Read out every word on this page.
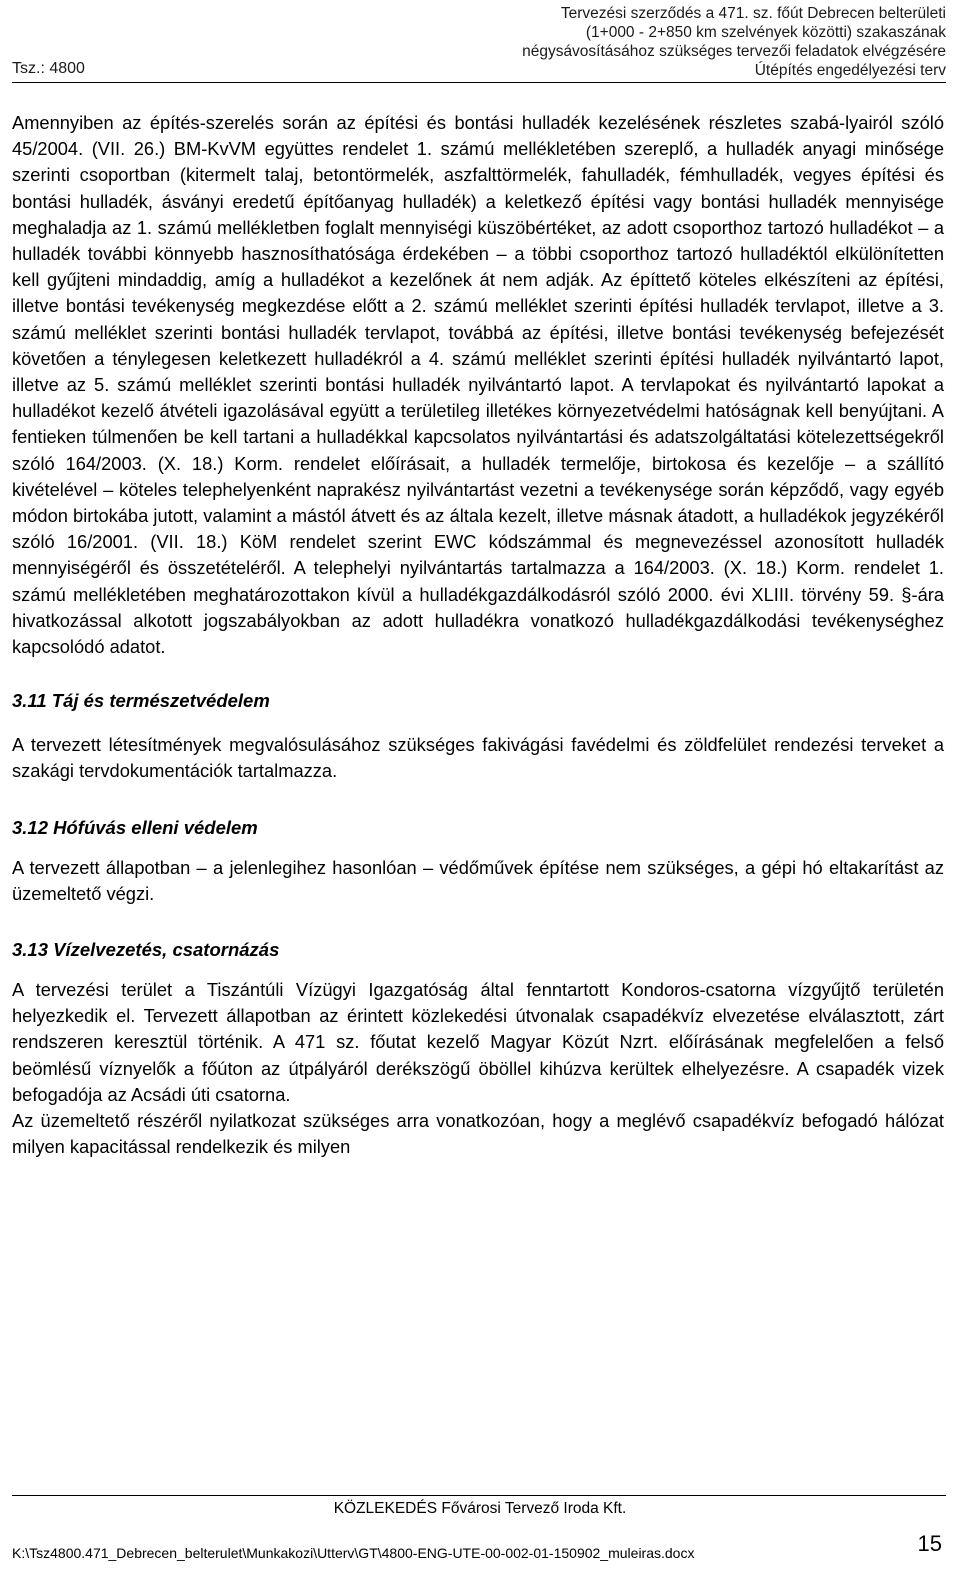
Tsz.: 4800
Tervezési szerződés a 471. sz. főút Debrecen belterületi
(1+000 - 2+850 km szelvények közötti) szakaszának
négysávosításához szükséges tervezői feladatok elvégzésére
Útépítés engedélyezési terv

Amennyiben az építés-szerelés során az építési és bontási hulladék kezelésének részletes szabá-lyairól szóló 45/2004. (VII. 26.) BM-KvVM együttes rendelet 1. számú mellékletében szereplő, a hulladék anyagi minősége szerinti csoportban (kitermelt talaj, betontörmelék, aszfalttörmelék, fahulladék, fémhulladék, vegyes építési és bontási hulladék, ásványi eredetű építőanyag hulladék) a keletkező építési vagy bontási hulladék mennyisége meghaladja az 1. számú mellékletben foglalt mennyiségi küszöbértéket, az adott csoporthoz tartozó hulladékot – a hulladék további könnyebb hasznosíthatósága érdekében – a többi csoporthoz tartozó hulladéktól elkülönítetten kell gyűjteni mindaddig, amíg a hulladékot a kezelőnek át nem adják. Az építtető köteles elkészíteni az építési, illetve bontási tevékenység megkezdése előtt a 2. számú melléklet szerinti építési hulladék tervlapot, illetve a 3. számú melléklet szerinti bontási hulladék tervlapot, továbbá az építési, illetve bontási tevékenység befejezését követően a ténylegesen keletkezett hulladékról a 4. számú melléklet szerinti építési hulladék nyilvántartó lapot, illetve az 5. számú melléklet szerinti bontási hulladék nyilvántartó lapot. A tervlapokat és nyilvántartó lapokat a hulladékot kezelő átvételi igazolásával együtt a területileg illetékes környezetvédelmi hatóságnak kell benyújtani. A fentieken túlmenően be kell tartani a hulladékkal kapcsolatos nyilvántartási és adatszolgáltatási kötelezettségekről szóló 164/2003. (X. 18.) Korm. rendelet előírásait, a hulladék termelője, birtokosa és kezelője – a szállító kivételével – köteles telephelyenként naprakész nyilvántartást vezetni a tevékenysége során képződő, vagy egyéb módon birtokába jutott, valamint a mástól átvett és az általa kezelt, illetve másnak átadott, a hulladékok jegyzékéről szóló 16/2001. (VII. 18.) KöM rendelet szerint EWC kódszámmal és megnevezéssel azonosított hulladék mennyiségéről és összetételéről. A telephelyi nyilvántartás tartalmazza a 164/2003. (X. 18.) Korm. rendelet 1. számú mellékletében meghatározottakon kívül a hulladékgazdálkodásról szóló 2000. évi XLIII. törvény 59. §-ára hivatkozással alkotott jogszabályokban az adott hulladékra vonatkozó hulladékgazdálkodási tevékenységhez kapcsolódó adatot.

3.11 Táj és természetvédelem

A tervezett létesítmények megvalósulásához szükséges fakivágási favédelmi és zöldfelület rendezési terveket a szakági tervdokumentációk tartalmazza.

3.12 Hófúvás elleni védelem

A tervezett állapotban – a jelenlegihez hasonlóan – védőművek építése nem szükséges, a gépi hó eltakarítást az üzemeltető végzi.

3.13 Vízelvezetés, csatornázás

A tervezési terület a Tiszántúli Vízügyi Igazgatóság által fenntartott Kondoros-csatorna vízgyűjtő területén helyezkedik el. Tervezett állapotban az érintett közlekedési útvonalak csapadékvíz elvezetése elválasztott, zárt rendszeren keresztül történik. A 471 sz. főutat kezelő Magyar Közút Nzrt. előírásának megfelelően a felső beömlésű víznyelők a főúton az útpályáról derékszögű öböllel kihúzva kerültek elhelyezésre. A csapadék vizek befogadója az Acsádi úti csatorna.

Az üzemeltető részéről nyilatkozat szükséges arra vonatkozóan, hogy a meglévő csapadékvíz befogadó hálózat milyen kapacitással rendelkezik és milyen

KÖZLEKEDÉS Fővárosi Tervező Iroda Kft.
K:\Tsz4800.471_Debrecen_belterulet\Munkakozi\Utterv\GT\4800-ENG-UTE-00-002-01-150902_muleiras.docx	15
